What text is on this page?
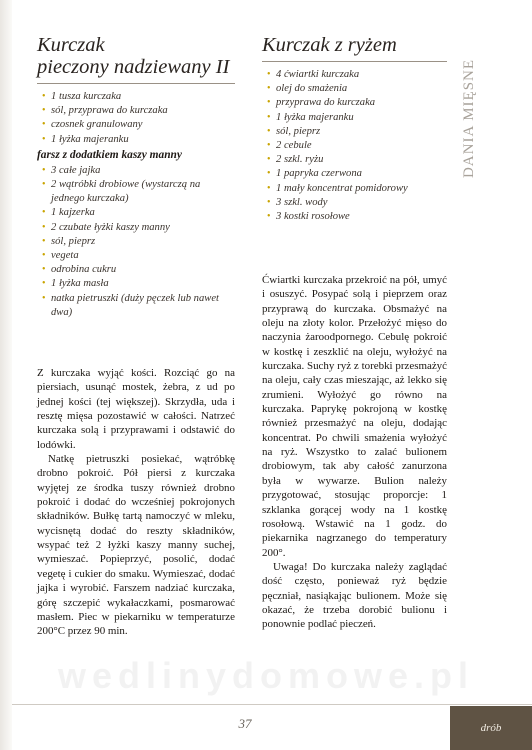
Kurczak
pieczony nadziewany II
• 1 tusza kurczaka
• sól, przyprawa do kurczaka
• czosnek granulowany
• 1 łyżka majeranku
farsz z dodatkiem kaszy manny
• 3 całe jajka
• 2 wątróbki drobiowe (wystarczą na jednego kurczaka)
• 1 kajzerka
• 2 czubate łyżki kaszy manny
• sól, pieprz
• vegeta
• odrobina cukru
• 1 łyżka masła
• natka pietruszki (duży pęczek lub nawet dwa)

Z kurczaka wyjąć kości. Rozciąć go na piersiach, usunąć mostek, żebra, z ud po jednej kości (tej większej). Skrzydła, uda i resztę mięsa pozostawić w całości. Natrzeć kurczaka solą i przyprawami i odstawić do lodówki.

Natkę pietruszki posiekać, wątróbkę drobno pokroić. Pół piersi z kurczaka wyjętej ze środka tuszy również drobno pokroić i dodać do wcześniej pokrojonych składników. Bułkę tartą namoczyć w mleku, wycisnętą dodać do reszty składników, wsypać też 2 łyżki kaszy manny suchej, wymieszać. Popieprzyć, posolić, dodać vegetę i cukier do smaku. Wymieszać, dodać jajka i wyrobić. Farszem nadziać kurczaka, górę szczepić wykałaczkami, posmarować masłem. Piec w piekarniku w temperaturze 200°C przez 90 min.

Kurczak z ryżem
• 4 ćwiartki kurczaka
• olej do smażenia
• przyprawa do kurczaka
• 1 łyżka majeranku
• sól, pieprz
• 2 cebule
• 2 szkl. ryżu
• 1 papryka czerwona
• 1 mały koncentrat pomidorowy
• 3 szkl. wody
• 3 kostki rosołowe

Ćwiartki kurczaka przekroić na pół, umyć i osuszyć. Posypać solą i pieprzem oraz przyprawą do kurczaka. Obsmażyć na oleju na złoty kolor. Przełożyć mięso do naczynia żaroodpornego. Cebulę pokroić w kostkę i zeszklić na oleju, wyłożyć na kurczaka. Suchy ryż z torebki przesmażyć na oleju, cały czas mieszając, aż lekko się zrumieni. Wyłożyć go równo na kurczaka. Paprykę pokrojoną w kostkę również przesmażyć na oleju, dodając koncentrat. Po chwili smażenia wyłożyć na ryż. Wszystko to zalać bulionem drobiowym, tak aby całość zanurzona była w wywarze. Bulion należy przygotować, stosując proporcje: 1 szklanka gorącej wody na 1 kostkę rosołową. Wstawić na 1 godz. do piekarnika nagrzanego do temperatury 200°.

Uwaga! Do kurczaka należy zaglądać dość często, ponieważ ryż będzie pęczniał, nasiąkając bulionem. Może się okazać, że trzeba dorobić bulionu i ponownie podlać pieczeń.

DANIA MIĘSNE
wedlinydomowe.pl
37	drób
